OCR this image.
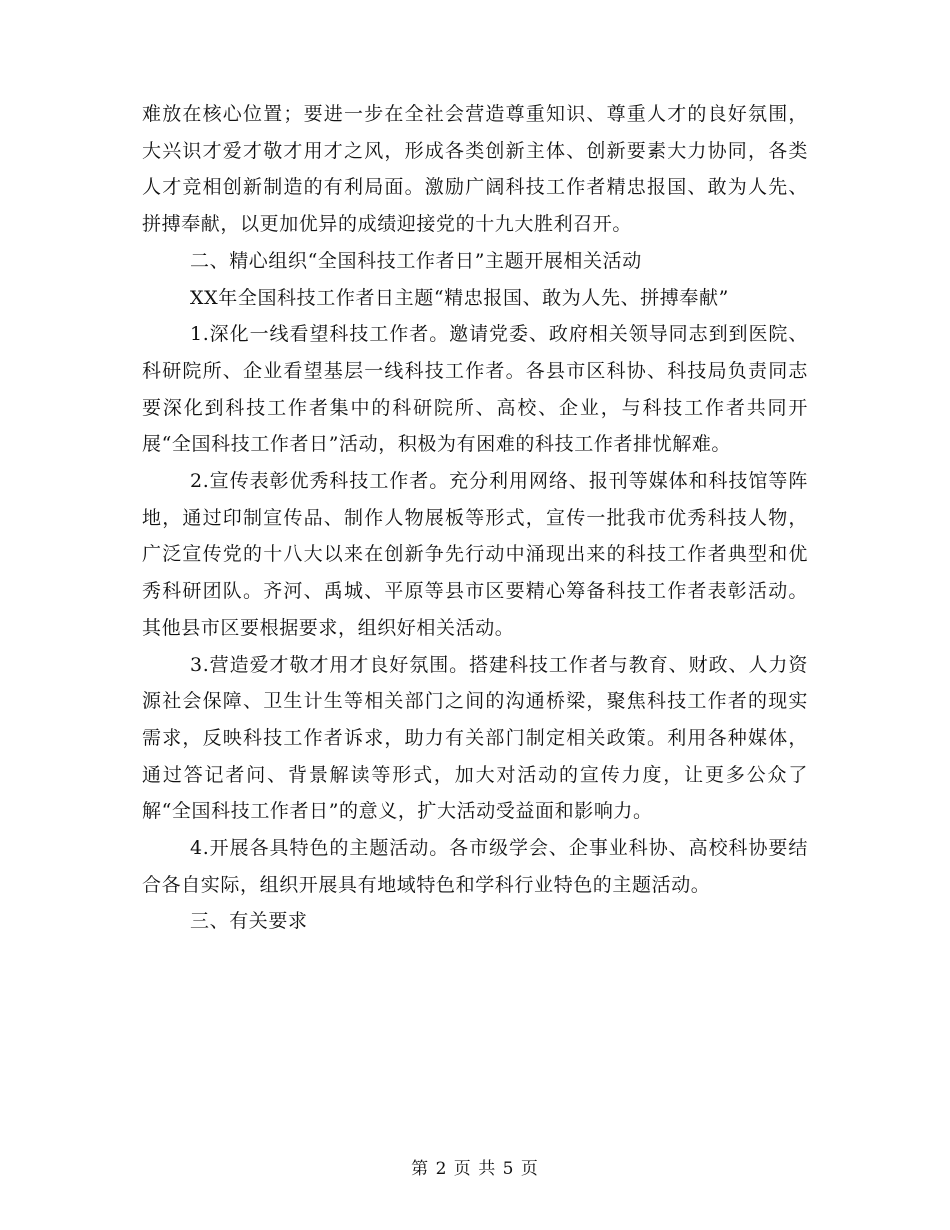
难放在核心位置；要进一步在全社会营造尊重知识、尊重人才的良好氛围，大兴识才爱才敬才用才之风，形成各类创新主体、创新要素大力协同，各类人才竞相创新制造的有利局面。激励广阔科技工作者精忠报国、敢为人先、拼搏奉献，以更加优异的成绩迎接党的十九大胜利召开。

二、精心组织“全国科技工作者日”主题开展相关活动

XX年全国科技工作者日主题“精忠报国、敢为人先、拼搏奉献”

1.深化一线看望科技工作者。邀请党委、政府相关领导同志到到医院、科研院所、企业看望基层一线科技工作者。各县市区科协、科技局负责同志要深化到科技工作者集中的科研院所、高校、企业，与科技工作者共同开展“全国科技工作者日”活动，积极为有困难的科技工作者排忧解难。

2.宣传表彰优秀科技工作者。充分利用网络、报刊等媒体和科技馆等阵地，通过印制宣传品、制作人物展板等形式，宣传一批我市优秀科技人物，广泛宣传党的十八大以来在创新争先行动中涌现出来的科技工作者典型和优秀科研团队。齐河、禹城、平原等县市区要精心筹备科技工作者表彰活动。其他县市区要根据要求，组织好相关活动。

3.营造爱才敬才用才良好氛围。搭建科技工作者与教育、财政、人力资源社会保障、卫生计生等相关部门之间的沟通桥梁，聚焦科技工作者的现实需求，反映科技工作者诉求，助力有关部门制定相关政策。利用各种媒体，通过答记者问、背景解读等形式，加大对活动的宣传力度，让更多公众了解“全国科技工作者日”的意义，扩大活动受益面和影响力。

4.开展各具特色的主题活动。各市级学会、企事业科协、高校科协要结合各自实际，组织开展具有地域特色和学科行业特色的主题活动。

三、有关要求

第 2 页 共 5 页
